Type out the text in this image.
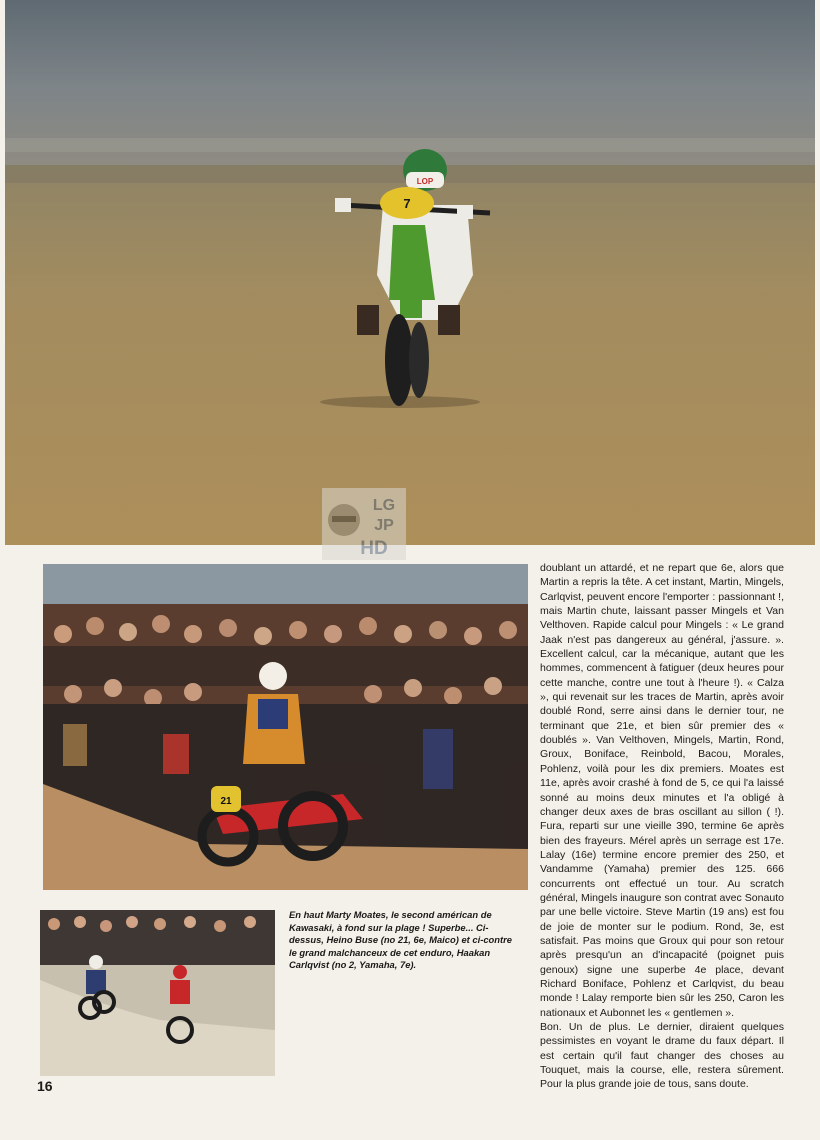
LOP
7
LG
JP
HD
21

doublant un attardé, et ne repart que 6e, alors que Martin a repris la tête. A cet instant, Martin, Mingels, Carlqvist, peuvent encore l'emporter : passionnant !, mais Martin chute, laissant passer Mingels et Van Velthoven. Rapide calcul pour Mingels : « Le grand Jaak n'est pas dangereux au général, j'assure. ». Excellent calcul, car la mécanique, autant que les hommes, commencent à fatiguer (deux heures pour cette manche, contre une tout à l'heure !). « Calza », qui revenait sur les traces de Martin, après avoir doublé Rond, serre ainsi dans le dernier tour, ne terminant que 21e, et bien sûr premier des « doublés ». Van Velthoven, Mingels, Martin, Rond, Groux, Boniface, Reinbold, Bacou, Morales, Pohlenz, voilà pour les dix premiers. Moates est 11e, après avoir crashé à fond de 5, ce qui l'a laissé sonné au moins deux minutes et l'a obligé à changer deux axes de bras oscillant au sillon ( !). Fura, reparti sur une vieille 390, termine 6e après bien des frayeurs. Mérel après un serrage est 17e. Lalay (16e) termine encore premier des 250, et Vandamme (Yamaha) premier des 125. 666 concurrents ont effectué un tour. Au scratch général, Mingels inaugure son contrat avec Sonauto par une belle victoire. Steve Martin (19 ans) est fou de joie de monter sur le podium. Rond, 3e, est satisfait. Pas moins que Groux qui pour son retour après presqu'un an d'incapacité (poignet puis genoux) signe une superbe 4e place, devant Richard Boniface, Pohlenz et Carlqvist, du beau monde ! Lalay remporte bien sûr les 250, Caron les nationaux et Aubonnet les « gentlemen ».

Bon. Un de plus. Le dernier, diraient quelques pessimistes en voyant le drame du faux départ. Il est certain qu'il faut changer des choses au Touquet, mais la course, elle, restera sûrement. Pour la plus grande joie de tous, sans doute.

En haut Marty Moates, le second américan de Kawasaki, à fond sur la plage ! Superbe... Ci-dessus, Heino Buse (no 21, 6e, Maico) et ci-contre le grand malchanceux de cet enduro, Haakan Carlqvist (no 2, Yamaha, 7e).

16
